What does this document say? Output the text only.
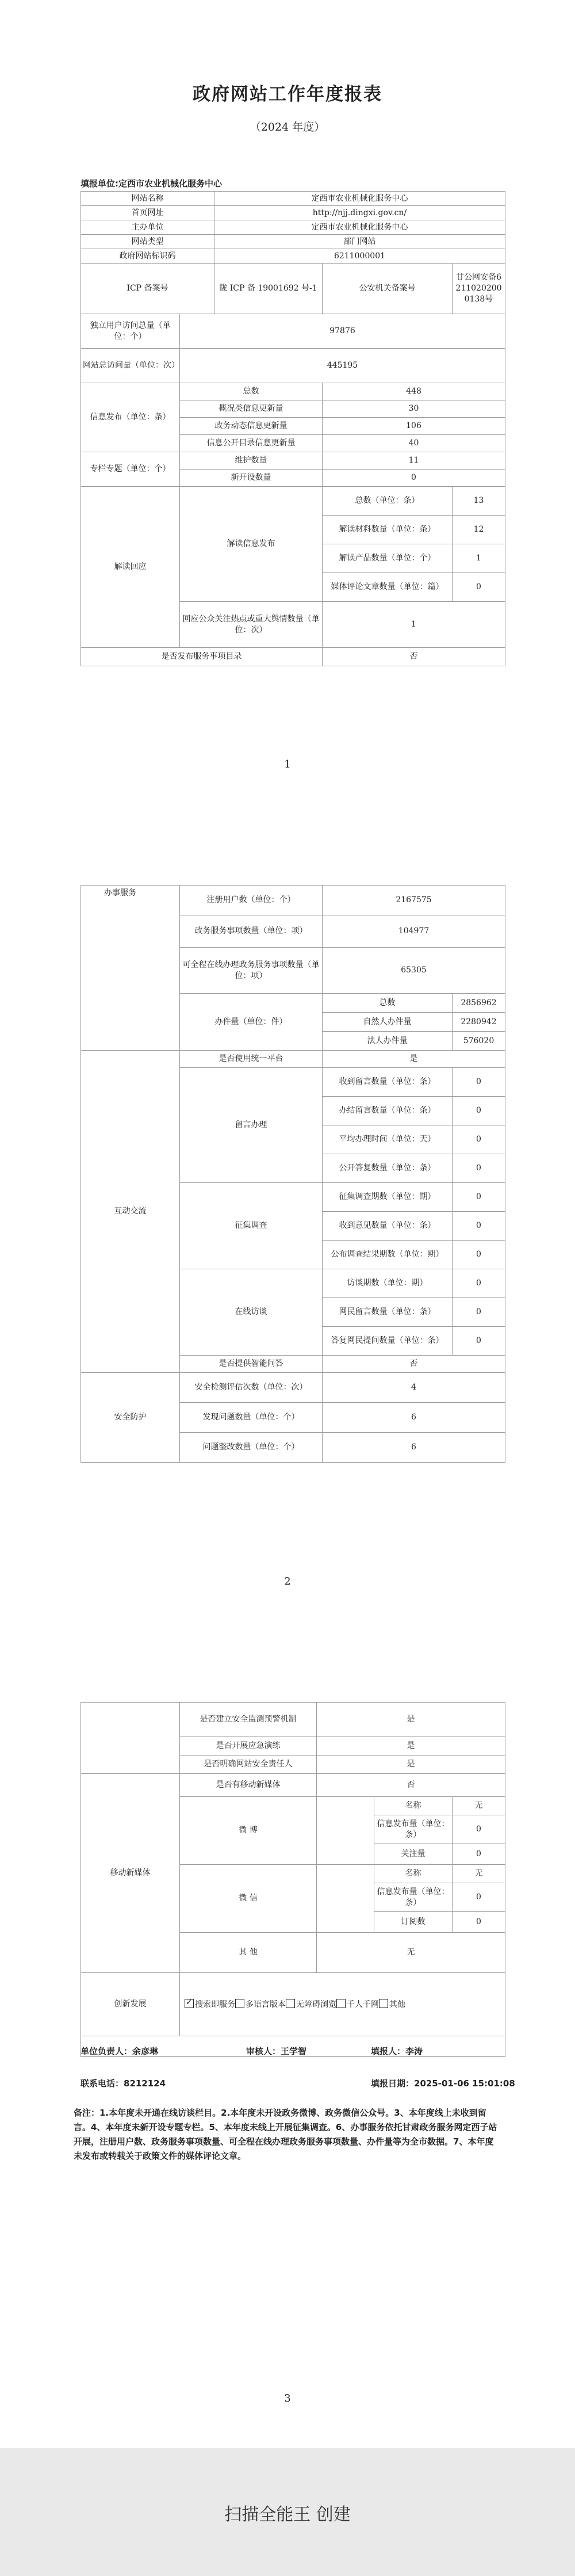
政府网站工作年度报表
（2024 年度）
填报单位:定西市农业机械化服务中心
网站名称		定西市农业机械化服务中心		
首页网址		http://njj.dingxi.gov.cn/		
主办单位		定西市农业机械化服务中心		
网站类型		部门网站		
政府网站标识码		6211000001		
ICP 备案号		陇 ICP 备 19001692 号-1	公安机关备案号	甘公网安备62110202000138号
独立用户访问总量（单位：个）	97876			
网站总访问量（单位：次）	445195			
信息发布（单位：条）	总数		448	
	概况类信息更新量		30	
	政务动态信息更新量		106	
	信息公开目录信息更新量		40	
专栏专题（单位：个）	维护数量		11	
	新开设数量		0	
解读回应	解读信息发布		总数（单位：条）	13
			解读材料数量（单位：条）	12
			解读产品数量（单位：个）	1
			媒体评论文章数量（单位：篇）	0
	回应公众关注热点或重大舆情数量（单位：次）		1	
是否发布服务事项目录			否	
1
办事服务	注册用户数（单位：个）	2167575	
	政务服务事项数量（单位：项）	104977	
	可全程在线办理政务服务事项数量（单位：项）	65305	
	办件量（单位：件）	总数	2856962
		自然人办件量	2280942
		法人办件量	576020
互动交流	是否使用统一平台	是	
	留言办理	收到留言数量（单位：条）	0
		办结留言数量（单位：条）	0
		平均办理时间（单位：天）	0
		公开答复数量（单位：条）	0
	征集调查	征集调查期数（单位：期）	0
		收到意见数量（单位：条）	0
		公布调查结果期数（单位：期）	0
	在线访谈	访谈期数（单位：期）	0
		网民留言数量（单位：条）	0
		答复网民提问数量（单位：条）	0
	是否提供智能问答	否	
安全防护	安全检测评估次数（单位：次）	4	
	发现问题数量（单位：个）	6	
	问题整改数量（单位：个）	6	
2
	是否建立安全监测预警机制	是		
	是否开展应急演练	是		
	是否明确网站安全责任人	是		
移动新媒体	是否有移动新媒体	否		
	微 博		名称	无
			信息发布量（单位：条）	0
			关注量	0
	微 信		名称	无
			信息发布量（单位：条）	0
			订阅数	0
	其 他	无		
创新发展	✓搜索即服务 多语言版本 无障碍浏览 千人千网 其他

单位负责人：余彦琳	审核人：王学智	填报人：李涛
联系电话：8212124	填报日期：2025-01-06 15:01:08
备注：1.本年度未开通在线访谈栏目。2.本年度未开设政务微博、政务微信公众号。3、本年度线上未收到留言。4、本年度未新开设专题专栏。5、本年度未线上开展征集调查。6、办事服务依托甘肃政务服务网定西子站开展，注册用户数、政务服务事项数量、可全程在线办理政务服务事项数量、办件量等为全市数据。7、本年度未发布或转载关于政策文件的媒体评论文章。
3
扫描全能王 创建
